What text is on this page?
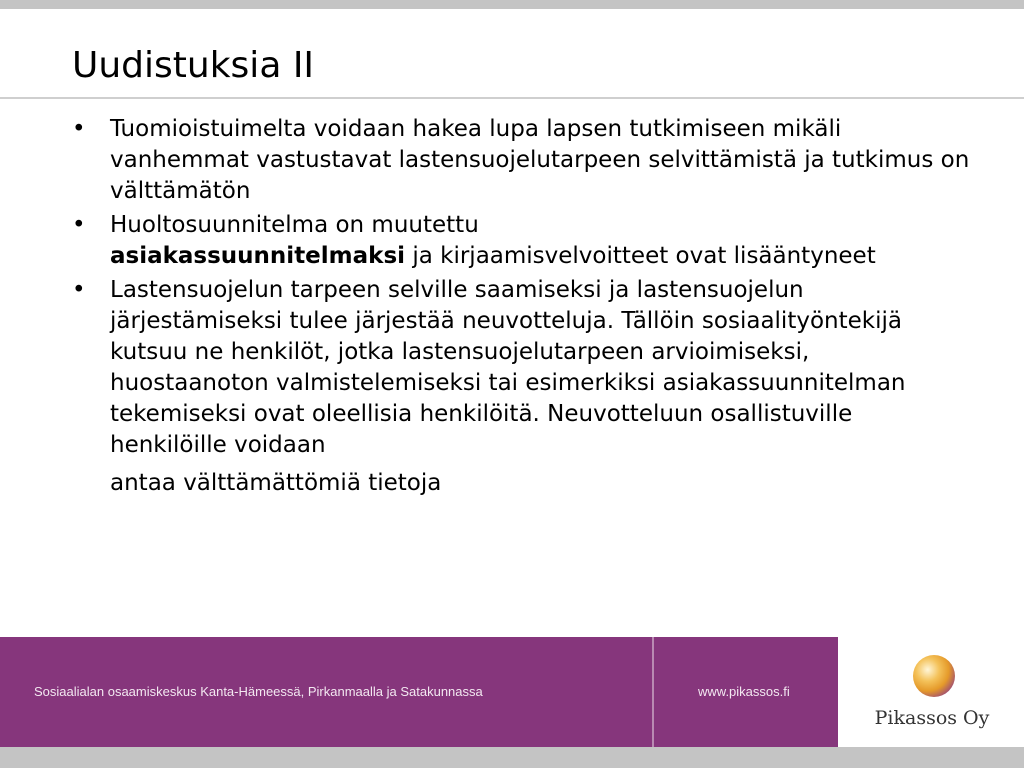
Uudistuksia II
• Tuomioistuimelta voidaan hakea lupa lapsen tutkimiseen mikäli vanhemmat vastustavat lastensuojelutarpeen selvittämistä ja tutkimus on välttämätön
• Huoltosuunnitelma on muutettu
asiakassuunnitelmaksi ja kirjaamisvelvoitteet ovat lisääntyneet
• Lastensuojelun tarpeen selville saamiseksi ja lastensuojelun järjestämiseksi tulee järjestää neuvotteluja. Tällöin sosiaalityöntekijä kutsuu ne henkilöt, jotka lastensuojelutarpeen arvioimiseksi, huostaanoton valmistelemiseksi tai esimerkiksi asiakassuunnitelman tekemiseksi ovat oleellisia henkilöitä. Neuvotteluun osallistuville henkilöille voidaan
antaa välttämättömiä tietoja
Sosiaalialan osaamiskeskus Kanta-Hämeessä, Pirkanmaalla ja Satakunnassa	www.pikassos.fi
Pikassos Oy
